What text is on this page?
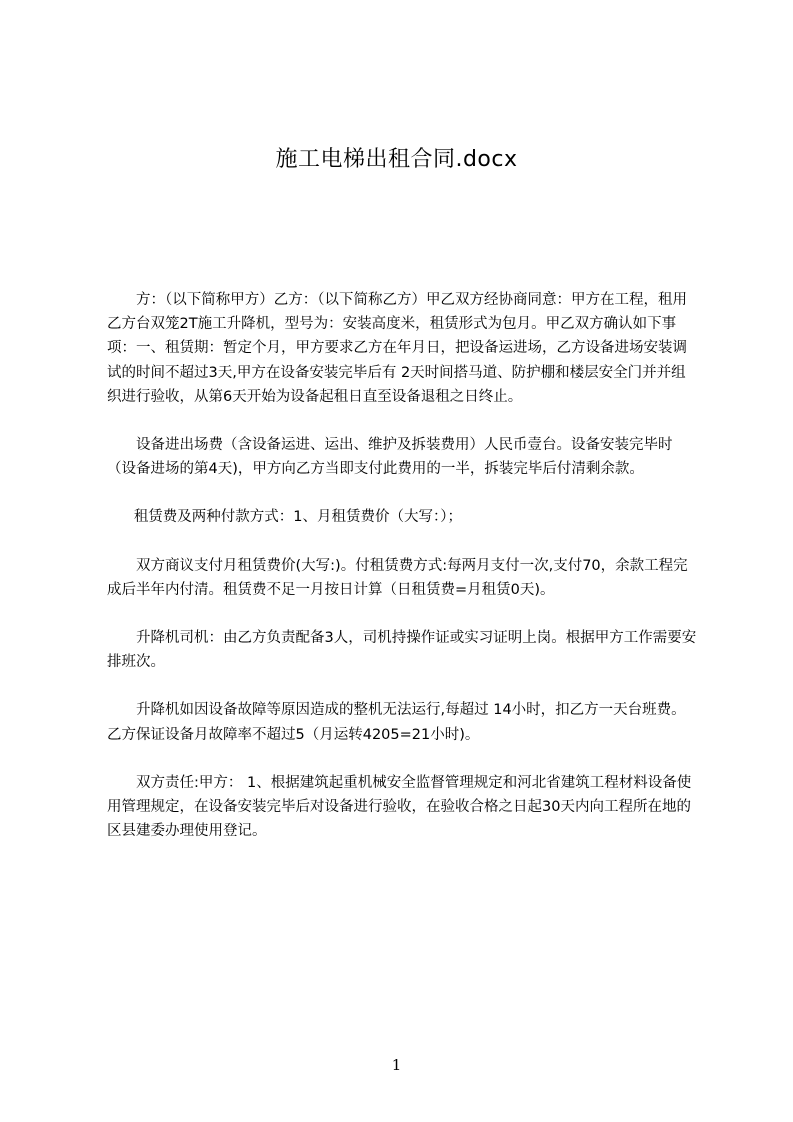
施工电梯出租合同.docx

方：（以下简称甲方）乙方：（以下简称乙方）甲乙双方经协商同意：甲方在工程，租用乙方台双笼2T施工升降机，型号为：安装高度米，租赁形式为包月。甲乙双方确认如下事项：一、租赁期：暂定个月，甲方要求乙方在年月日，把设备运进场，乙方设备进场安装调试的时间不超过3天,甲方在设备安装完毕后有 2天时间搭马道、防护棚和楼层安全门并并组织进行验收，从第6天开始为设备起租日直至设备退租之日终止。

设备进出场费（含设备运进、运出、维护及拆装费用）人民币壹台。设备安装完毕时（设备进场的第4天)，甲方向乙方当即支付此费用的一半，拆装完毕后付清剩余款。

租赁费及两种付款方式：1、月租赁费价（大写：）；

双方商议支付月租赁费价(大写:)。付租赁费方式:每两月支付一次,支付70，余款工程完成后半年内付清。租赁费不足一月按日计算（日租赁费=月租赁0天)。

升降机司机：由乙方负责配备3人，司机持操作证或实习证明上岗。根据甲方工作需要安排班次。

升降机如因设备故障等原因造成的整机无法运行,每超过 14小时，扣乙方一天台班费。乙方保证设备月故障率不超过5（月运转4205=21小时)。

双方责任:甲方： 1、根据建筑起重机械安全监督管理规定和河北省建筑工程材料设备使用管理规定，在设备安装完毕后对设备进行验收，在验收合格之日起30天内向工程所在地的区县建委办理使用登记。

1
